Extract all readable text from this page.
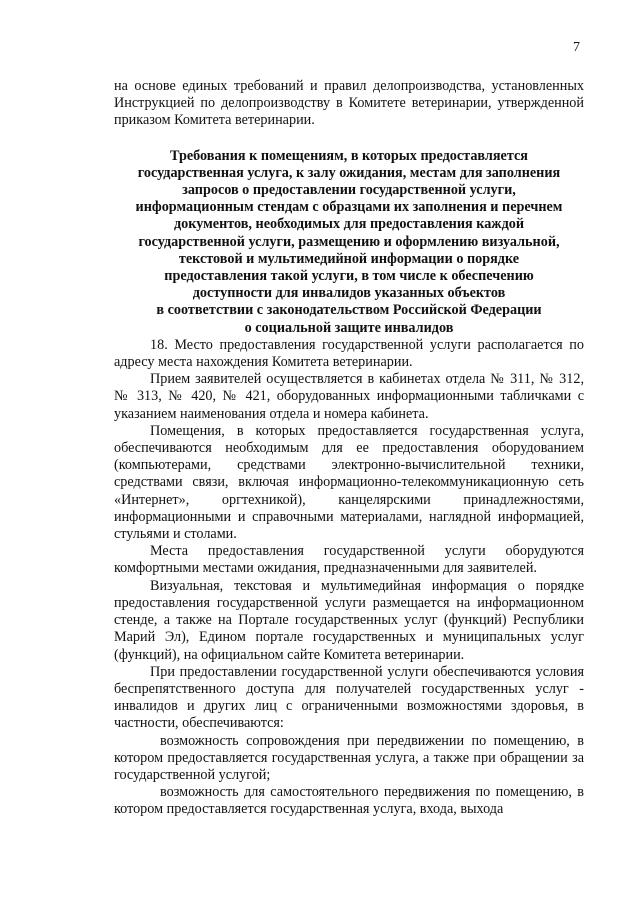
7

на основе единых требований и правил делопроизводства, установленных Инструкцией по делопроизводству в Комитете ветеринарии, утвержденной приказом Комитета ветеринарии.

Требования к помещениям, в которых предоставляется
государственная услуга, к залу ожидания, местам для заполнения
запросов о предоставлении государственной услуги,
информационным стендам с образцами их заполнения и перечнем
документов, необходимых для предоставления каждой
государственной услуги, размещению и оформлению визуальной,
текстовой и мультимедийной информации о порядке
предоставления такой услуги, в том числе к обеспечению
доступности для инвалидов указанных объектов
в соответствии с законодательством Российской Федерации
о социальной защите инвалидов

18. Место предоставления государственной услуги располагается по адресу места нахождения Комитета ветеринарии.

Прием заявителей осуществляется в кабинетах отдела № 311, № 312, № 313, № 420, № 421, оборудованных информационными табличками с указанием наименования отдела и номера кабинета.

Помещения, в которых предоставляется государственная услуга, обеспечиваются необходимым для ее предоставления оборудованием (компьютерами, средствами электронно-вычислительной техники, средствами связи, включая информационно-телекоммуникационную сеть «Интернет», оргтехникой), канцелярскими принадлежностями, информационными и справочными материалами, наглядной информацией, стульями и столами.

Места предоставления государственной услуги оборудуются комфортными местами ожидания, предназначенными для заявителей.

Визуальная, текстовая и мультимедийная информация о порядке предоставления государственной услуги размещается на информационном стенде, а также на Портале государственных услуг (функций) Республики Марий Эл), Едином портале государственных и муниципальных услуг (функций), на официальном сайте Комитета ветеринарии.

При предоставлении государственной услуги обеспечиваются условия беспрепятственного доступа для получателей государственных услуг - инвалидов и других лиц с ограниченными возможностями здоровья, в частности, обеспечиваются:

возможность сопровождения при передвижении по помещению, в котором предоставляется государственная услуга, а также при обращении за государственной услугой;

возможность для самостоятельного передвижения по помещению, в котором предоставляется государственная услуга, входа, выхода
